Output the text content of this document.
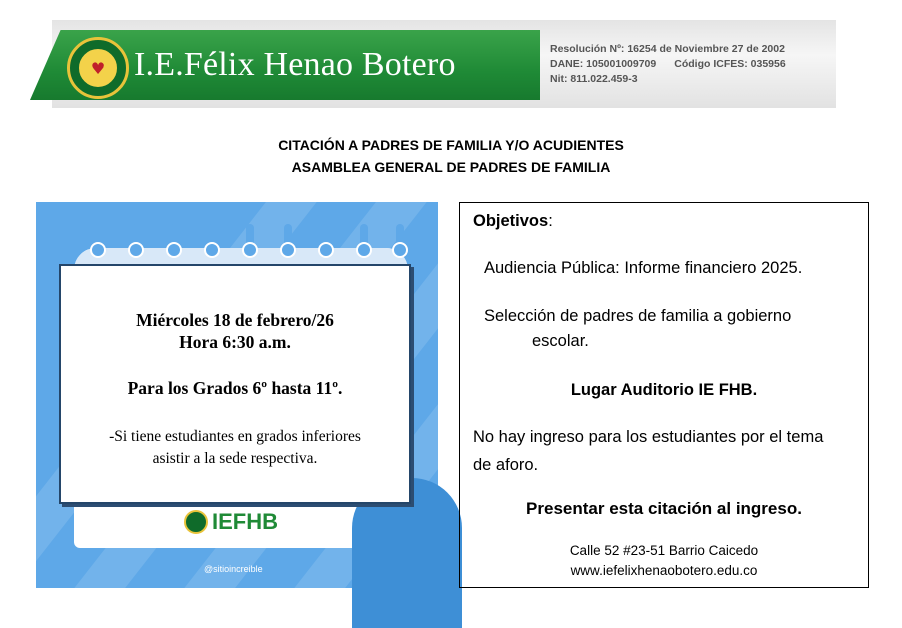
♥ I.E.Félix Henao Botero	Resolución Nº: 16254 de Noviembre 27 de 2002
DANE: 105001009709 Código ICFES: 035956
Nit: 811.022.459-3
CITACIÓN A PADRES DE FAMILIA Y/O ACUDIENTES
ASAMBLEA GENERAL DE PADRES DE FAMILIA
Miércoles 18 de febrero/26
Hora 6:30 a.m.
Para los Grados 6º hasta 11º.
-Si tiene estudiantes en grados inferiores
asistir a la sede respectiva.
IEFHB
@sitioincreible
Objetivos:
Audiencia Pública: Informe financiero 2025.
Selección de padres de familia a gobierno
escolar.
Lugar Auditorio IE FHB.
No hay ingreso para los estudiantes por el tema
de aforo.
Presentar esta citación al ingreso.
Calle 52 #23-51 Barrio Caicedo
www.iefelixhenaobotero.edu.co
